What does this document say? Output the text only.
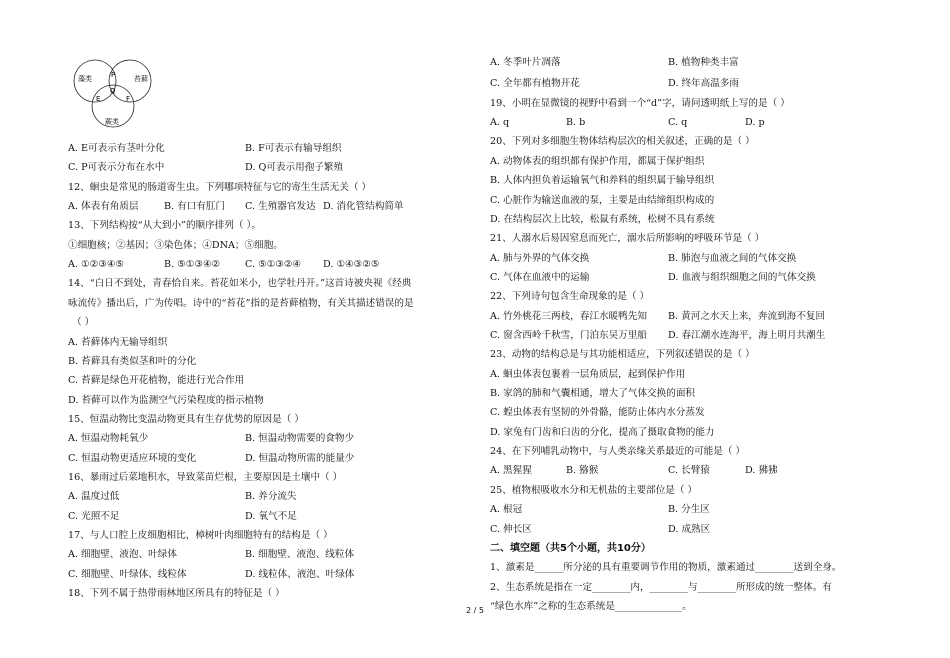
藻类	苔藓
蕨类
P
Q
E	F
A. E可表示有茎叶分化	B. F可表示有输导组织
C. P可表示分布在水中	D. Q可表示用孢子繁殖
12、蛔虫是常见的肠道寄生虫。下列哪项特征与它的寄生生活无关（ ）
A. 体表有角质层	B. 有口有肛门 C. 生殖器官发达 D. 消化管结构简单
13、下列结构按“从大到小”的顺序排列（ ）。
①细胞核；②基因；③染色体；④DNA；⑤细胞。
A. ①②③④⑤	B. ⑤①③④②	C. ⑤①③②④ D. ①④③②⑤
14、“白日不到处，青春恰自来。苔花如米小，也学牡丹开。”这首诗被央视《经典
咏流传》播出后，广为传唱。诗中的“苔花”指的是苔藓植物，有关其描述错误的是
（ ）
A. 苔藓体内无输导组织
B. 苔藓具有类似茎和叶的分化
C. 苔藓是绿色开花植物，能进行光合作用
D. 苔藓可以作为监测空气污染程度的指示植物
15、恒温动物比变温动物更具有生存优势的原因是（ ）
A. 恒温动物耗氧少	B. 恒温动物需要的食物少
C. 恒温动物更适应环境的变化	D. 恒温动物所需的能量少
16、暴雨过后菜地积水，导致菜苗烂根，主要原因是土壤中（ ）
A. 温度过低	B. 养分流失
C. 光照不足	D. 氧气不足
17、与人口腔上皮细胞相比，樟树叶肉细胞特有的结构是（ ）
A. 细胞壁、液泡、叶绿体	B. 细胞壁、液泡、线粒体
C. 细胞壁、叶绿体、线粒体	D. 线粒体、液泡、叶绿体
18、下列不属于热带雨林地区所具有的特征是（ ）
A. 冬季叶片凋落	B. 植物种类丰富
C. 全年都有植物开花	D. 终年高温多雨
19、小明在显微镜的视野中看到一个“d”字，请问透明纸上写的是（ ）
A. q	B. b	C. q	D. p
20、下列对多细胞生物体结构层次的相关叙述，正确的是（ ）
A. 动物体表的组织都有保护作用，都属于保护组织
B. 人体内担负着运输氧气和养料的组织属于输导组织
C. 心脏作为输送血液的泵，主要是由结缔组织构成的
D. 在结构层次上比较，松鼠有系统，松树不具有系统
21、人溺水后易因窒息而死亡，溺水后所影响的呼吸环节是（ ）
A. 肺与外界的气体交换	B. 肺泡与血液之间的气体交换
C. 气体在血液中的运输	D. 血液与组织细胞之间的气体交换
22、下列诗句包含生命现象的是（ ）
A. 竹外桃花三两枝，春江水暖鸭先知 B. 黄河之水天上来，奔流到海不复回
C. 窗含西岭千秋雪，门泊东吴万里船 D. 春江潮水连海平，海上明月共潮生
23、动物的结构总是与其功能相适应，下列叙述错误的是（ ）
A. 蛔虫体表包裹着一层角质层，起到保护作用
B. 家鸽的肺和气囊相通，增大了气体交换的面积
C. 蝗虫体表有坚韧的外骨骼，能防止体内水分蒸发
D. 家兔有门齿和臼齿的分化，提高了摄取食物的能力
24、在下列哺乳动物中，与人类亲缘关系最近的可能是（ ）
A. 黑猩猩	B. 猕猴	C. 长臂猿	D. 狒狒
25、植物根吸收水分和无机盐的主要部位是（ ）
A. 根冠	B. 分生区
C. 伸长区	D. 成熟区
二、填空题（共5个小题，共10分）
1、激素是______所分泌的具有重要调节作用的物质，激素通过________送到全身。
2、生态系统是指在一定________内，________与________所形成的统一整体。有
“绿色水库”之称的生态系统是______________。
2 / 5
